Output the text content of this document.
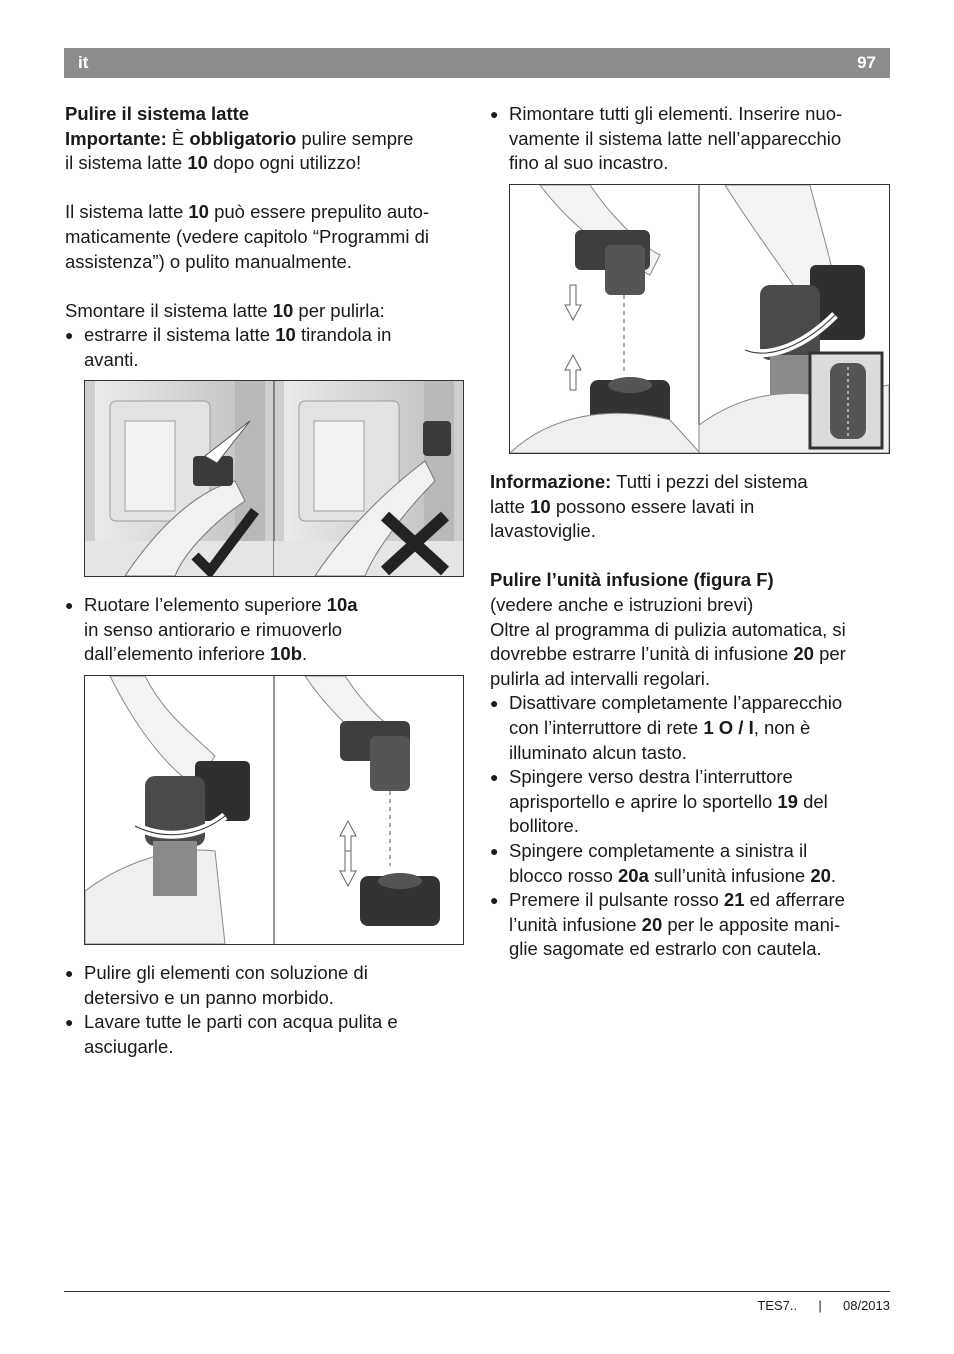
it	97

Pulire il sistema latte

Importante: È obbligatorio pulire sempre

il sistema latte 10 dopo ogni utilizzo!

Il sistema latte 10 può essere prepulito auto-

maticamente (vedere capitolo “Programmi di

assistenza”) o pulito manualmente.

Smontare il sistema latte 10 per pulirla:

● estrarre il sistema latte 10 tirandola in
avanti.
● Ruotare l’elemento superiore 10a
in senso antiorario e rimuoverlo
dall’elemento inferiore 10b.
● Pulire gli elementi con soluzione di
detersivo e un panno morbido.
● Lavare tutte le parti con acqua pulita e
asciugarle.
● Rimontare tutti gli elementi. Inserire nuo-
vamente il sistema latte nell’apparecchio
fino al suo incastro.

Informazione: Tutti i pezzi del sistema

latte 10 possono essere lavati in

lavastoviglie.

Pulire l’unità infusione (figura F)

(vedere anche e istruzioni brevi)

Oltre al programma di pulizia automatica, si

dovrebbe estrarre l’unità di infusione 20 per

pulirla ad intervalli regolari.

● Disattivare completamente l’apparecchio
con l’interruttore di rete 1 O / I, non è
illuminato alcun tasto.
● Spingere verso destra l’interruttore
aprisportello e aprire lo sportello 19 del
bollitore.
● Spingere completamente a sinistra il
blocco rosso 20a sull’unità infusione 20.
● Premere il pulsante rosso 21 ed afferrare
l’unità infusione 20 per le apposite mani-
glie sagomate ed estrarlo con cautela.
TES7.. | 08/2013
